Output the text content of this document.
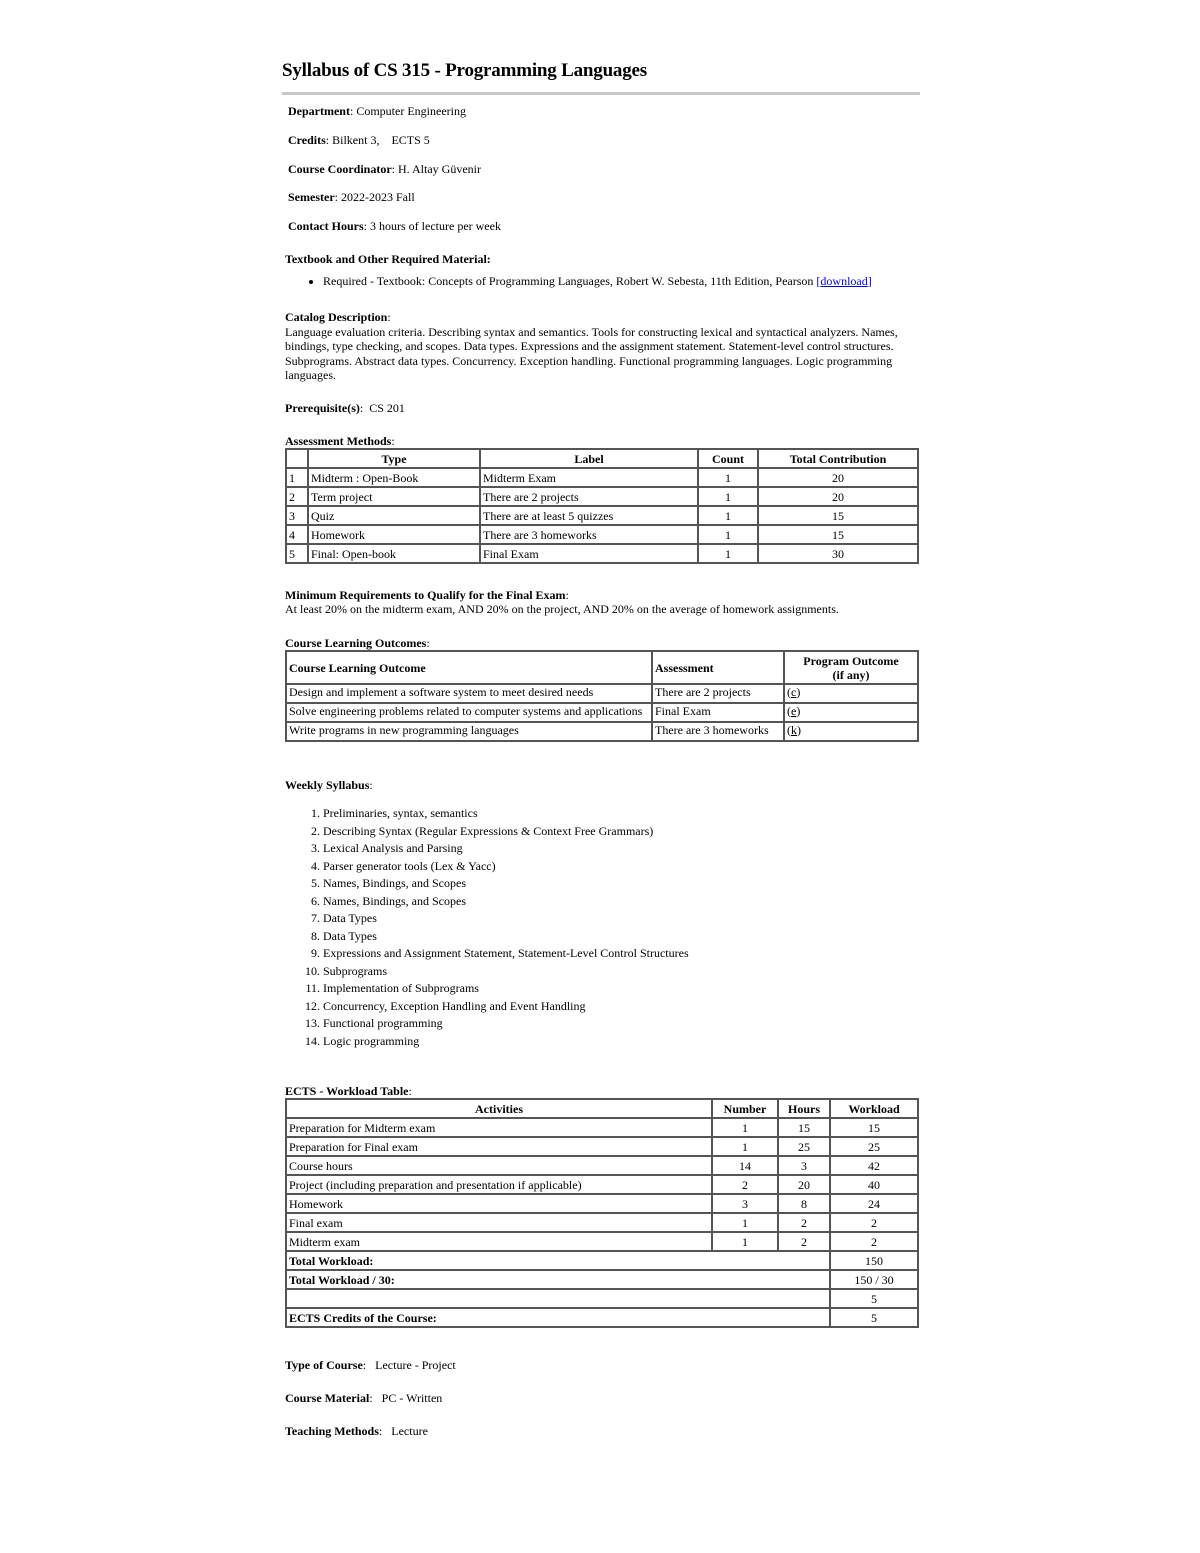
Syllabus of CS 315 - Programming Languages

Department: Computer Engineering

Credits: Bilkent 3,    ECTS 5

Course Coordinator: H. Altay Güvenir

Semester: 2022-2023 Fall

Contact Hours: 3 hours of lecture per week

Textbook and Other Required Material:
• Required - Textbook: Concepts of Programming Languages, Robert W. Sebesta, 11th Edition, Pearson [download]
Catalog Description:
Language evaluation criteria. Describing syntax and semantics. Tools for constructing lexical and syntactical analyzers. Names, bindings, type checking, and scopes. Data types. Expressions and the assignment statement. Statement-level control structures. Subprograms. Abstract data types. Concurrency. Exception handling. Functional programming languages. Logic programming languages.

Prerequisite(s):  CS 201

Assessment Methods:
	Type	Label	Count	Total Contribution
1	Midterm : Open-Book	Midterm Exam	1	20
2	Term project	There are 2 projects	1	20
3	Quiz	There are at least 5 quizzes	1	15
4	Homework	There are 3 homeworks	1	15
5	Final: Open-book	Final Exam	1	30
Minimum Requirements to Qualify for the Final Exam:
At least 20% on the midterm exam, AND 20% on the project, AND 20% on the average of homework assignments.
Course Learning Outcomes:
Course Learning Outcome	Assessment	Program Outcome
(if any)
Design and implement a software system to meet desired needs	There are 2 projects	(c)
Solve engineering problems related to computer systems and applications	Final Exam	(e)
Write programs in new programming languages	There are 3 homeworks	(k)
Weekly Syllabus:
1. Preliminaries, syntax, semantics
2. Describing Syntax (Regular Expressions & Context Free Grammars)
3. Lexical Analysis and Parsing
4. Parser generator tools (Lex & Yacc)
5. Names, Bindings, and Scopes
6. Names, Bindings, and Scopes
7. Data Types
8. Data Types
9. Expressions and Assignment Statement, Statement-Level Control Structures
10. Subprograms
11. Implementation of Subprograms
12. Concurrency, Exception Handling and Event Handling
13. Functional programming
14. Logic programming
ECTS - Workload Table:
Activities	Number	Hours	Workload
Preparation for Midterm exam	1	15	15
Preparation for Final exam	1	25	25
Course hours	14	3	42
Project (including preparation and presentation if applicable)	2	20	40
Homework	3	8	24
Final exam	1	2	2
Midterm exam	1	2	2
Total Workload:			150
Total Workload / 30:			150 / 30
			5
ECTS Credits of the Course:			5

Type of Course:   Lecture - Project

Course Material:   PC - Written

Teaching Methods:   Lecture
